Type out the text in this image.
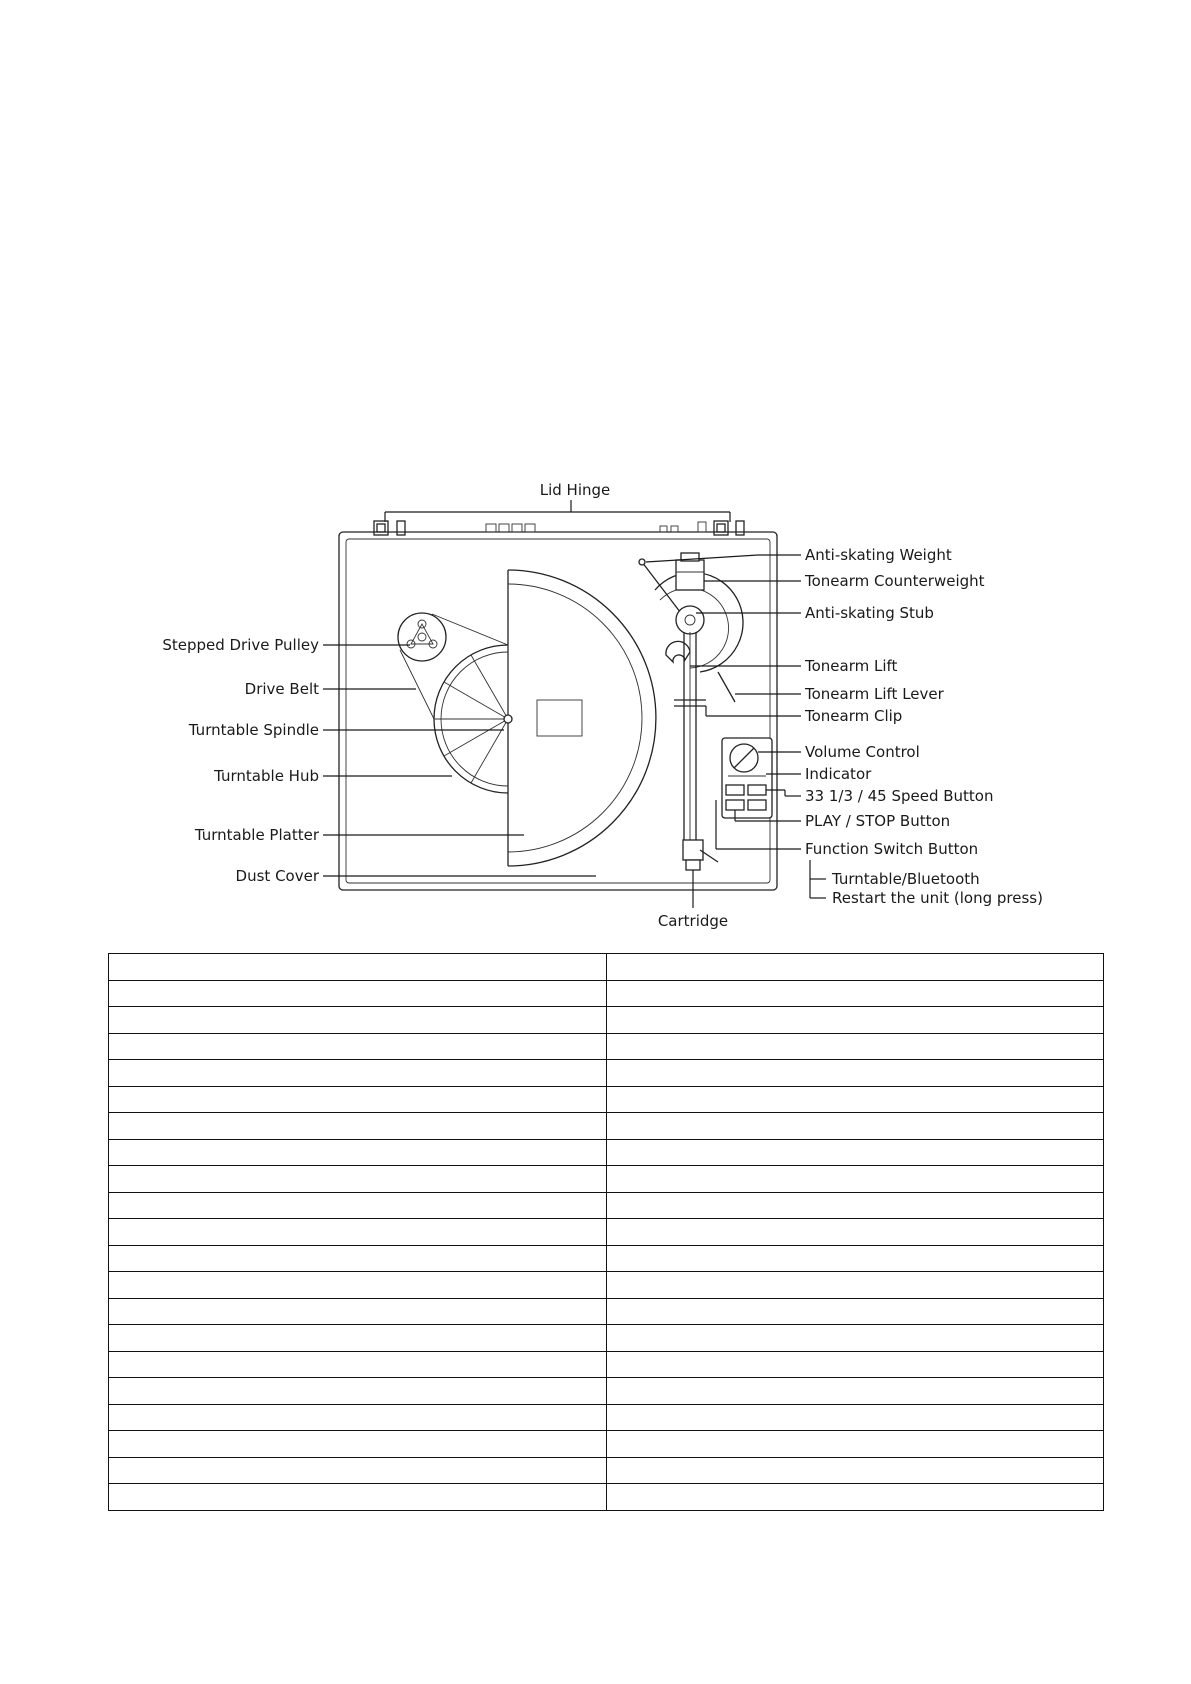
Stepped Drive Pulley
Drive Belt
Turntable Spindle
Turntable Hub
Turntable Platter
Dust Cover
Lid Hinge
Anti-skating Weight
Tonearm Counterweight
Anti-skating Stub
Tonearm Lift
Tonearm Lift Lever
Tonearm Clip
Volume Control
Indicator
33 1/3 / 45 Speed Button
PLAY / STOP Button
Function Switch Button
Turntable/Bluetooth
Restart the unit (long press)
Cartridge
